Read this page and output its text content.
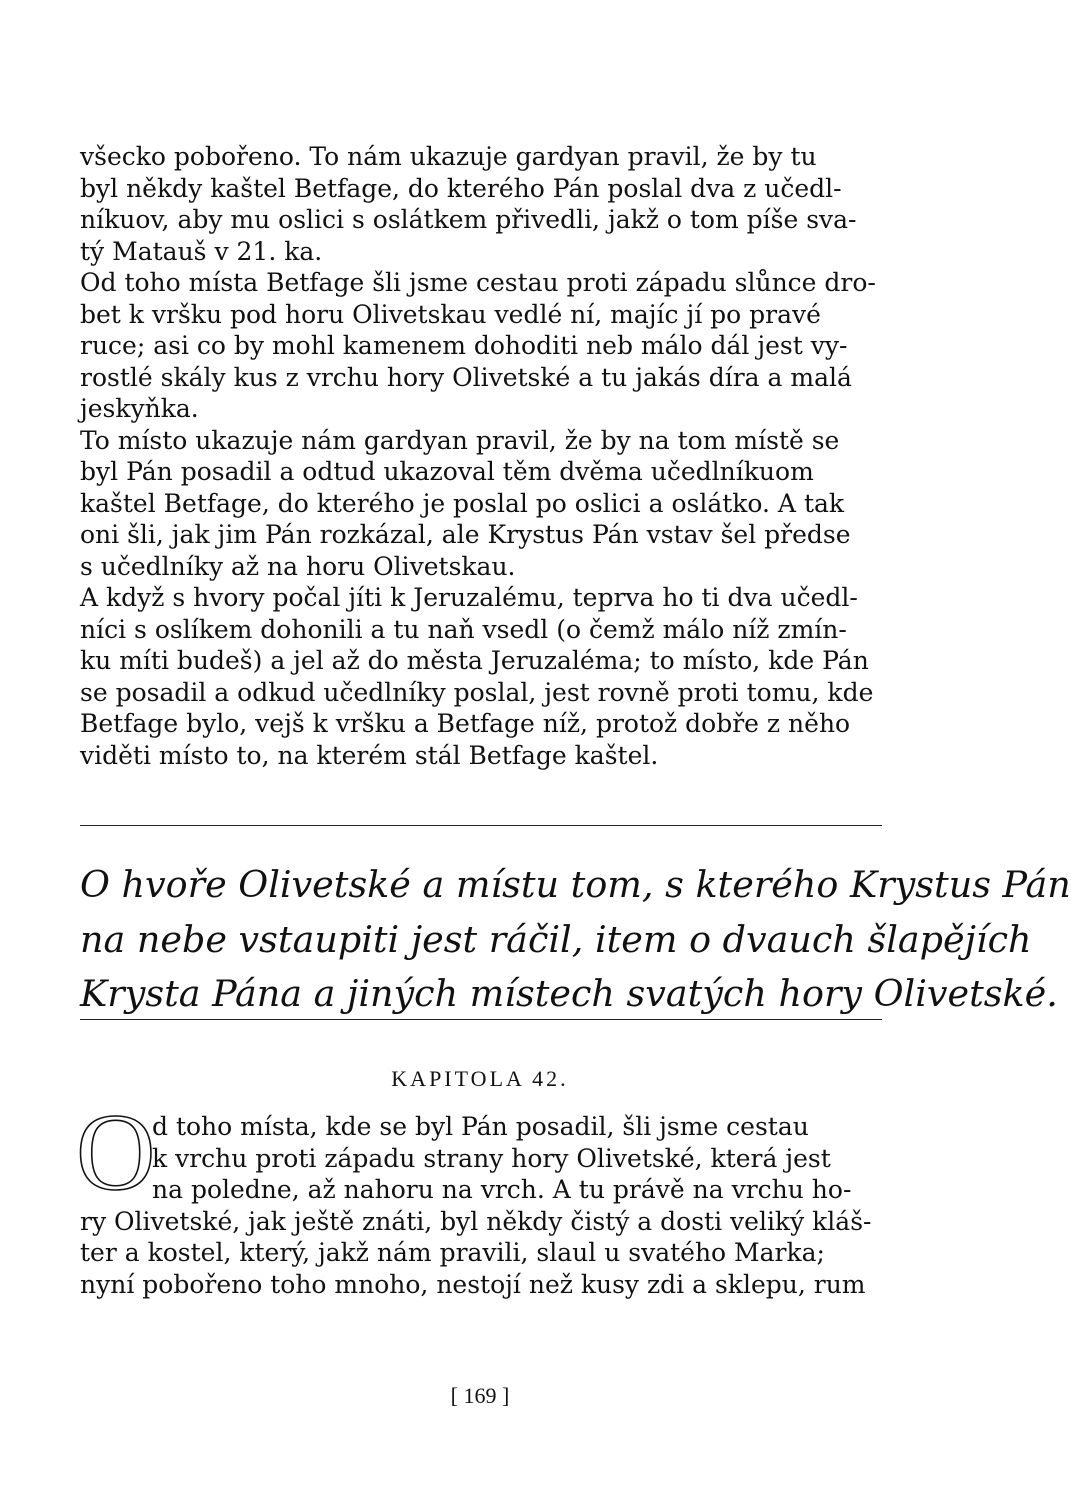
všecko pobořeno. To nám ukazuje gardyan pravil, že by tu
byl někdy kaštel Betfage, do kterého Pán poslal dva z učedl-
níkuov, aby mu oslici s oslátkem přivedli, jakž o tom píše sva-
tý Matauš v 21. ka.
Od toho místa Betfage šli jsme cestau proti západu slůnce dro-
bet k vršku pod horu Olivetskau vedlé ní, majíc jí po pravé
ruce; asi co by mohl kamenem dohoditi neb málo dál jest vy-
rostlé skály kus z vrchu hory Olivetské a tu jakás díra a malá
jeskyňka.
To místo ukazuje nám gardyan pravil, že by na tom místě se
byl Pán posadil a odtud ukazoval těm dvěma učedlníkuom
kaštel Betfage, do kterého je poslal po oslici a oslátko. A tak
oni šli, jak jim Pán rozkázal, ale Krystus Pán vstav šel předse
s učedlníky až na horu Olivetskau.
A když s hvory počal jíti k Jeruzalému, teprva ho ti dva učedl-
níci s oslíkem dohonili a tu naň vsedl (o čemž málo níž zmín-
ku míti budeš) a jel až do města Jeruzaléma; to místo, kde Pán
se posadil a odkud učedlníky poslal, jest rovně proti tomu, kde
Betfage bylo, vejš k vršku a Betfage níž, protož dobře z něho
viděti místo to, na kterém stál Betfage kaštel.
O hvoře Olivetské a místu tom, s kterého Krystus Pán
na nebe vstaupiti jest ráčil, item o dvauch šlapějích
Krysta Pána a jiných místech svatých hory Olivetské.
KAPITOLA 42.
O
d toho místa, kde se byl Pán posadil, šli jsme cestau
k vrchu proti západu strany hory Olivetské, která jest
na poledne, až nahoru na vrch. A tu právě na vrchu ho-
ry Olivetské, jak ještě znáti, byl někdy čistý a dosti veliký kláš-
ter a kostel, který, jakž nám pravili, slaul u svatého Marka;
nyní pobořeno toho mnoho, nestojí než kusy zdi a sklepu, rum
[ 169 ]
